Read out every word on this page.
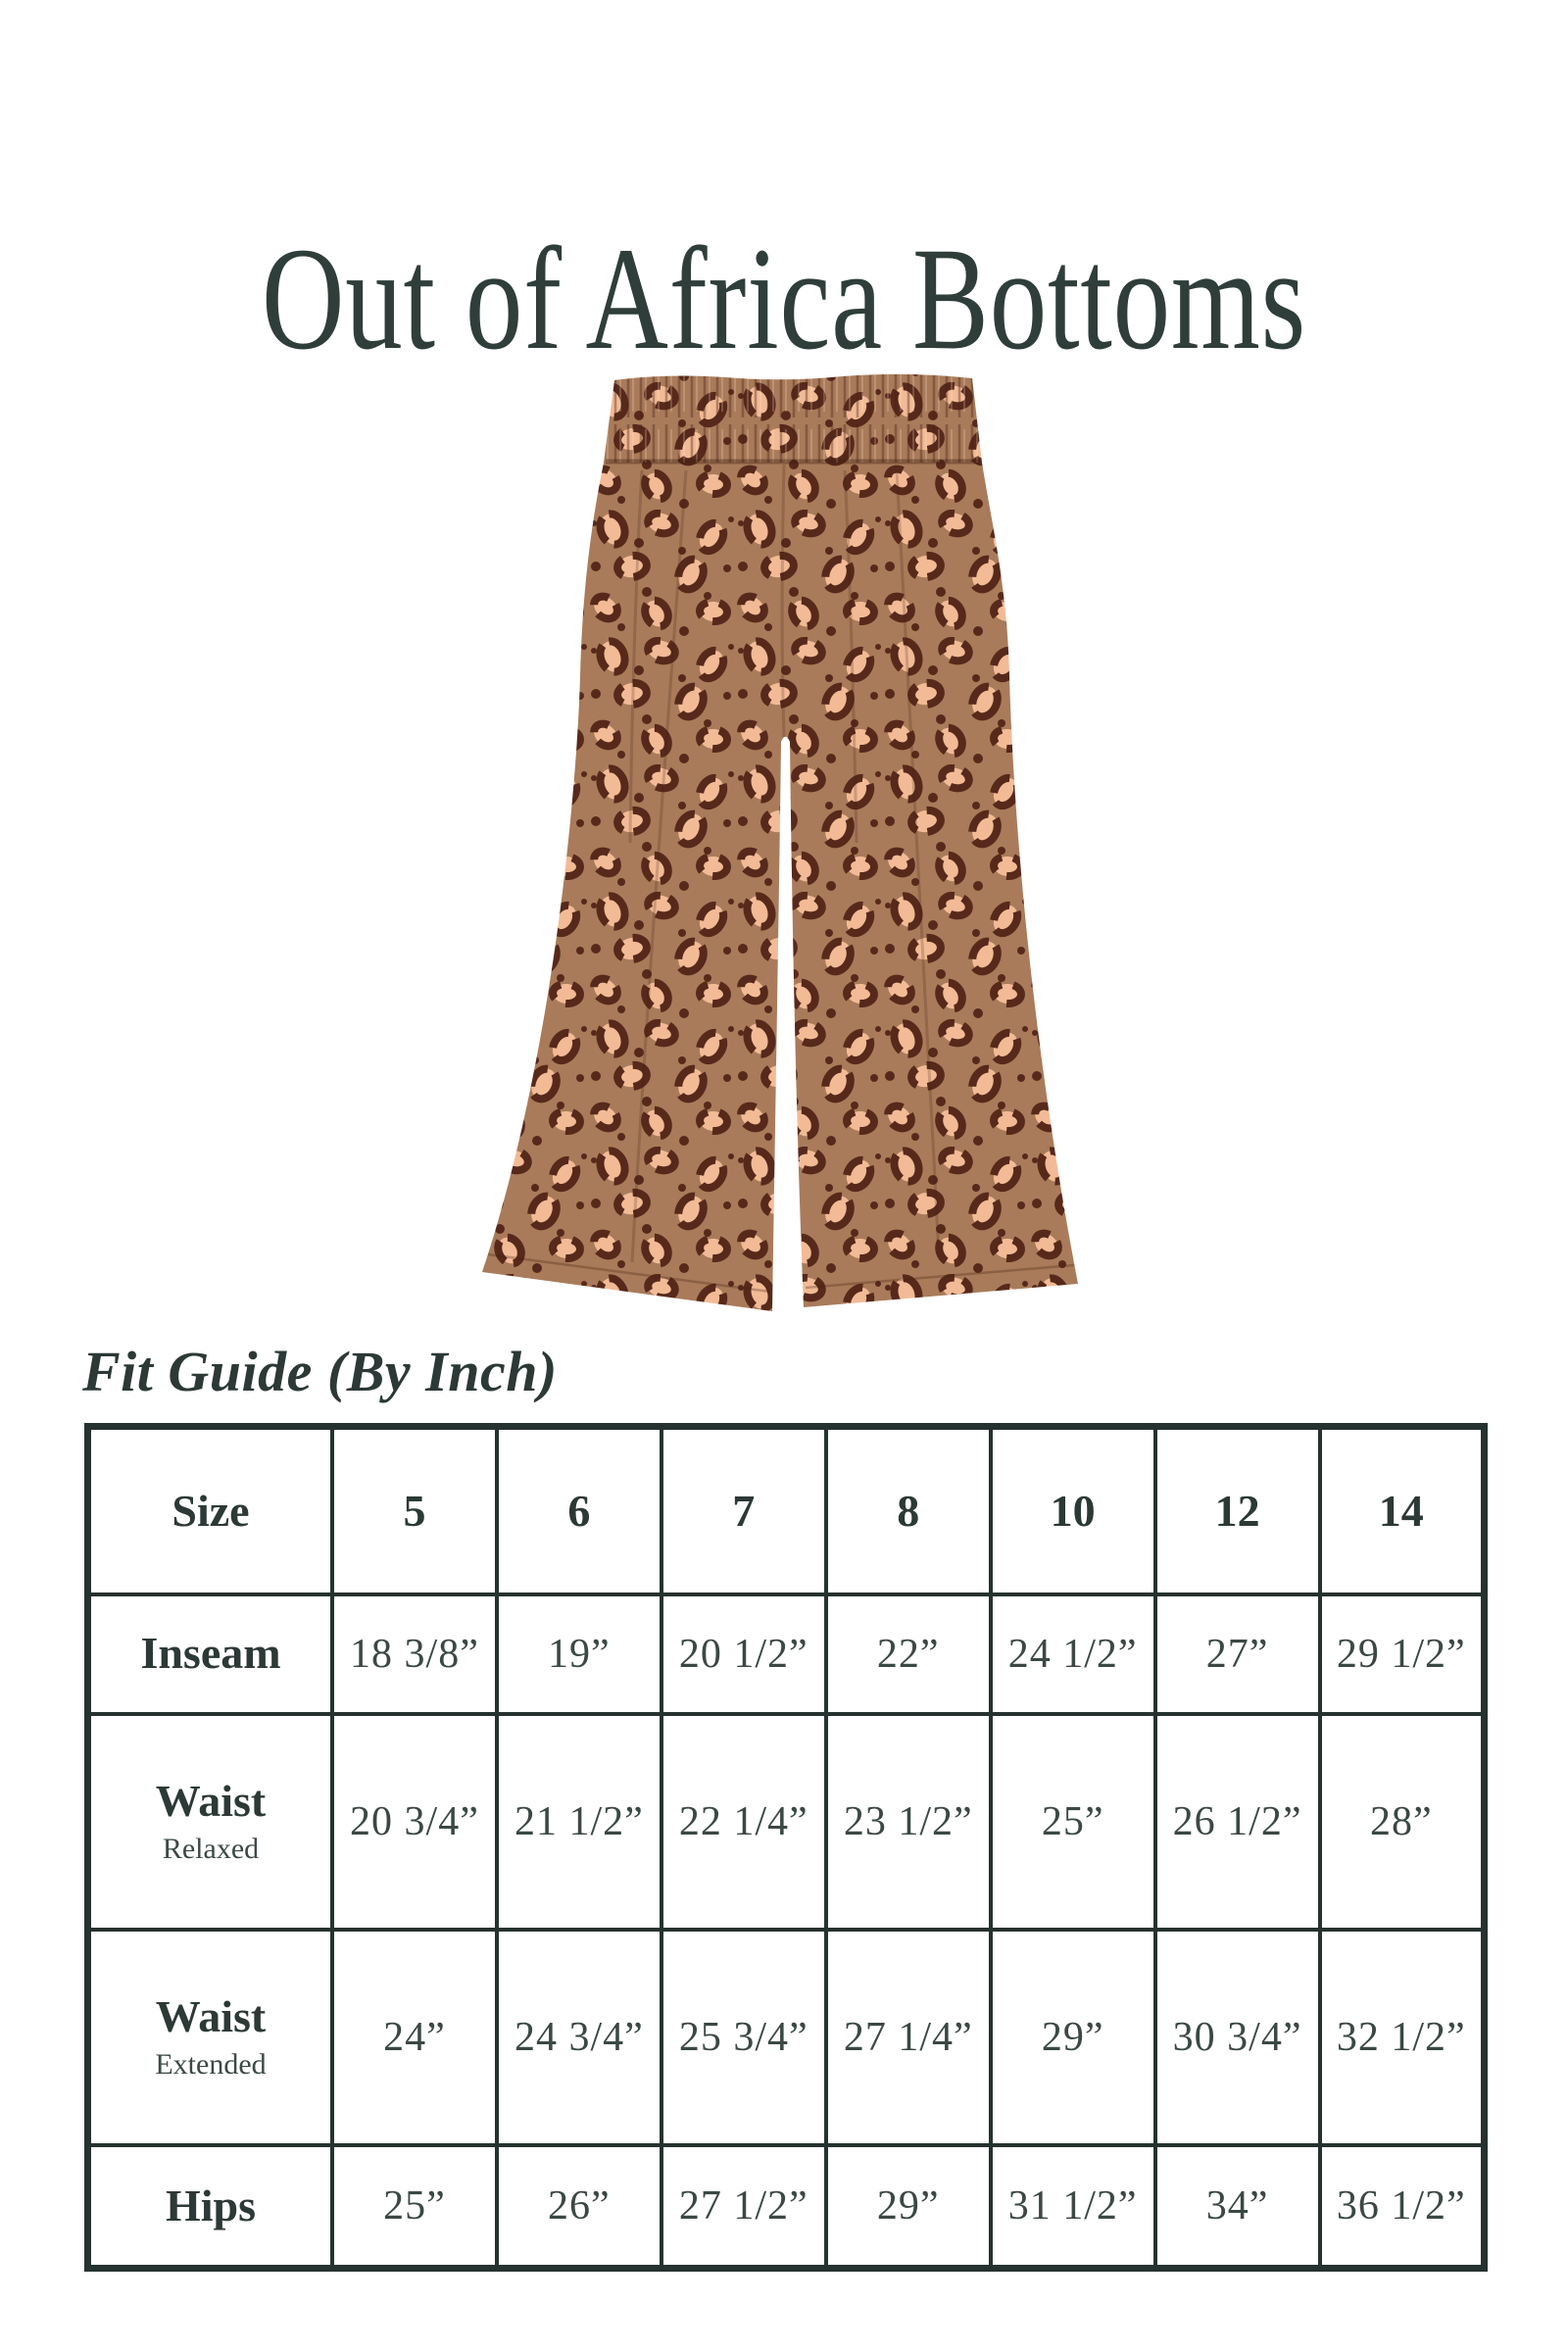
Out of Africa Bottoms
Fit Guide (By Inch)
Size	5	6	7	8	10	12	14

Inseam	18 3/8”	19”	20 1/2”	22”	24 1/2”	27”	29 1/2”

Waist
Relaxed	20 3/4”	21 1/2”	22 1/4”	23 1/2”	25”	26 1/2”	28”

Waist
Extended	24”	24 3/4”	25 3/4”	27 1/4”	29”	30 3/4”	32 1/2”

Hips	25”	26”	27 1/2”	29”	31 1/2”	34”	36 1/2”
